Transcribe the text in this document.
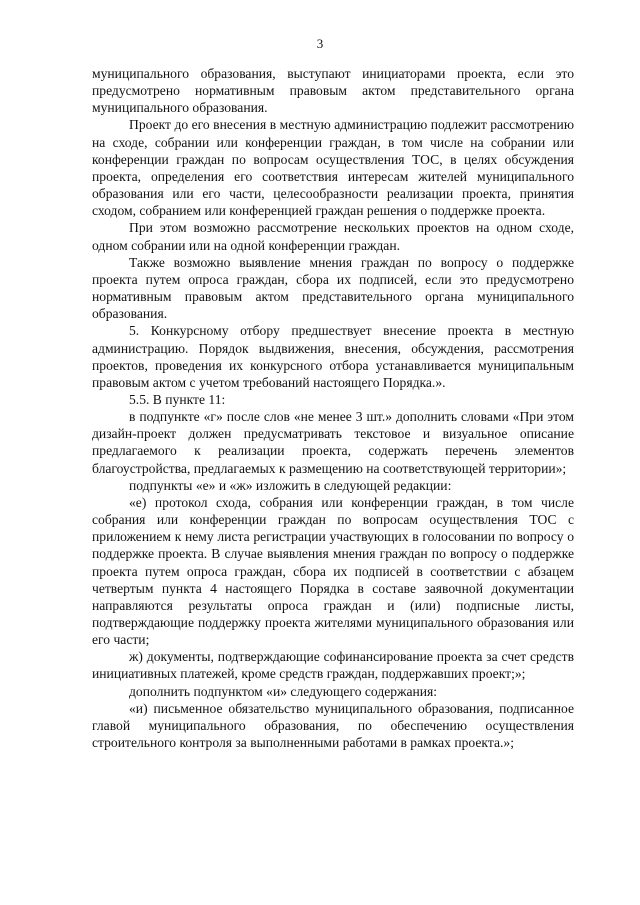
3

муниципального образования, выступают инициаторами проекта, если это предусмотрено нормативным правовым актом представительного органа муниципального образования.

Проект до его внесения в местную администрацию подлежит рассмотрению на сходе, собрании или конференции граждан, в том числе на собрании или конференции граждан по вопросам осуществления ТОС, в целях обсуждения проекта, определения его соответствия интересам жителей муниципального образования или его части, целесообразности реализации проекта, принятия сходом, собранием или конференцией граждан решения о поддержке проекта.

При этом возможно рассмотрение нескольких проектов на одном сходе, одном собрании или на одной конференции граждан.

Также возможно выявление мнения граждан по вопросу о поддержке проекта путем опроса граждан, сбора их подписей, если это предусмотрено нормативным правовым актом представительного органа муниципального образования.

5. Конкурсному отбору предшествует внесение проекта в местную администрацию. Порядок выдвижения, внесения, обсуждения, рассмотрения проектов, проведения их конкурсного отбора устанавливается муниципальным правовым актом с учетом требований настоящего Порядка.».

5.5. В пункте 11:

в подпункте «г» после слов «не менее 3 шт.» дополнить словами «При этом дизайн-проект должен предусматривать текстовое и визуальное описание предлагаемого к реализации проекта, содержать перечень элементов благоустройства, предлагаемых к размещению на соответствующей территории»;

подпункты «е» и «ж» изложить в следующей редакции:

«е) протокол схода, собрания или конференции граждан, в том числе собрания или конференции граждан по вопросам осуществления ТОС с приложением к нему листа регистрации участвующих в голосовании по вопросу о поддержке проекта. В случае выявления мнения граждан по вопросу о поддержке проекта путем опроса граждан, сбора их подписей в соответствии с абзацем четвертым пункта 4 настоящего Порядка в составе заявочной документации направляются результаты опроса граждан и (или) подписные листы, подтверждающие поддержку проекта жителями муниципального образования или его части;

ж) документы, подтверждающие софинансирование проекта за счет средств инициативных платежей, кроме средств граждан, поддержавших проект;»;

дополнить подпунктом «и» следующего содержания:

«и) письменное обязательство муниципального образования, подписанное главой муниципального образования, по обеспечению осуществления строительного контроля за выполненными работами в рамках проекта.»;
